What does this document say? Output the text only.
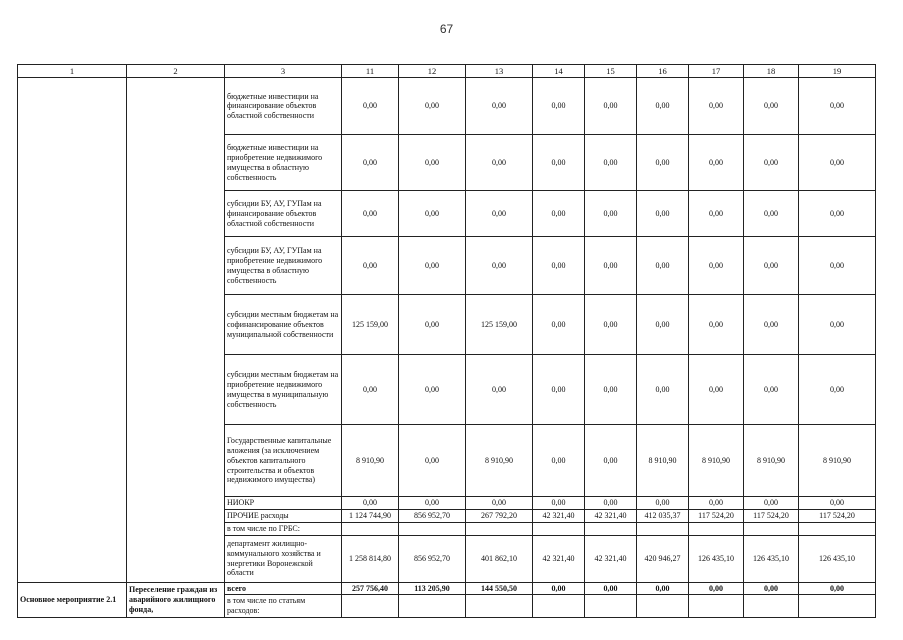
67
1	2	3	11	12	13	14	15	16	17	18	19
		бюджетные инвестиции на финансирование объектов областной собственности	0,00	0,00	0,00	0,00	0,00	0,00	0,00	0,00	0,00
		бюджетные инвестиции на приобретение недвижимого имущества в областную собственность	0,00	0,00	0,00	0,00	0,00	0,00	0,00	0,00	0,00
		субсидии БУ, АУ, ГУПам на финансирование объектов областной собственности	0,00	0,00	0,00	0,00	0,00	0,00	0,00	0,00	0,00
		субсидии БУ, АУ, ГУПам на приобретение недвижимого имущества в областную собственность	0,00	0,00	0,00	0,00	0,00	0,00	0,00	0,00	0,00
		субсидии местным бюджетам на софинансирование объектов муниципальной собственности	125 159,00	0,00	125 159,00	0,00	0,00	0,00	0,00	0,00	0,00
		субсидии местным бюджетам на приобретение недвижимого имущества в муниципальную собственность	0,00	0,00	0,00	0,00	0,00	0,00	0,00	0,00	0,00
		Государственные капитальные вложения (за исключением объектов капитального строительства и объектов недвижимого имущества)	8 910,90	0,00	8 910,90	0,00	0,00	8 910,90	8 910,90	8 910,90	8 910,90
		НИОКР	0,00	0,00	0,00	0,00	0,00	0,00	0,00	0,00	0,00
		ПРОЧИЕ расходы	1 124 744,90	856 952,70	267 792,20	42 321,40	42 321,40	412 035,37	117 524,20	117 524,20	117 524,20
		в том числе по ГРБС:									
		департамент жилищно-коммунального хозяйства и энергетики Воронежской области	1 258 814,80	856 952,70	401 862,10	42 321,40	42 321,40	420 946,27	126 435,10	126 435,10	126 435,10
Основное мероприятие 2.1	Переселение граждан из аварийного жилищного фонда,	всего	257 756,40	113 205,90	144 550,50	0,00	0,00	0,00	0,00	0,00	0,00
		в том числе по статьям расходов:									
